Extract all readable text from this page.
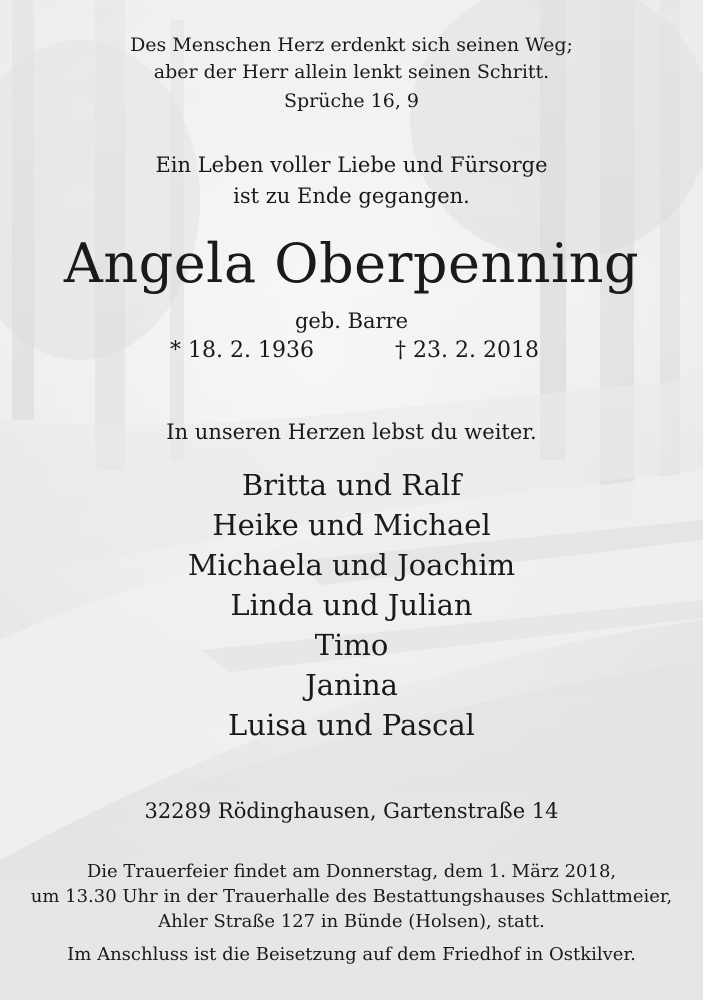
Des Menschen Herz erdenkt sich seinen Weg;
aber der Herr allein lenkt seinen Schritt.
Sprüche 16, 9
Ein Leben voller Liebe und Fürsorge
ist zu Ende gegangen.
Angela Oberpenning
geb. Barre
* 18. 2. 1936	† 23. 2. 2018
In unseren Herzen lebst du weiter.
Britta und Ralf
Heike und Michael
Michaela und Joachim
Linda und Julian
Timo
Janina
Luisa und Pascal
32289 Rödinghausen, Gartenstraße 14
Die Trauerfeier findet am Donnerstag, dem 1. März 2018,
um 13.30 Uhr in der Trauerhalle des Bestattungshauses Schlattmeier,
Ahler Straße 127 in Bünde (Holsen), statt.
Im Anschluss ist die Beisetzung auf dem Friedhof in Ostkilver.
